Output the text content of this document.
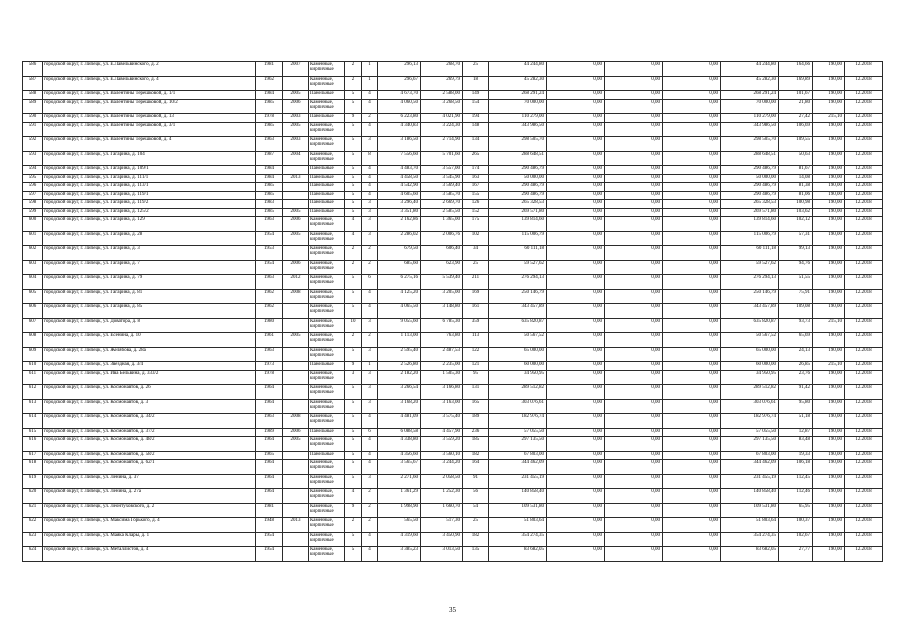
586	городской округ, г. Липецк, ул. Е.Лавельвинского, д. 2	1981	2007	Каменные, кирпичные	2	1	296,13	268,70	25	44 244,80	0,00	0,00	0,00	44 244,80	164,66	190,00	12.2018
587	городской округ, г. Липецк, ул. Е.Лавельвинского, д. 4	1962		Каменные, кирпичные	2	1	296,67	269,79	18	45 282,30	0,00	0,00	0,00	45 282,30	169,89	190,00	12.2018
588	городской округ, г. Липецк, ул. Валентины Терешковой, д. 1/1	1984	2005	Панельные	5	4	4 673,70	2 588,00	149	268 291,24	0,00	0,00	0,00	268 291,24	101,67	190,00	12.2018
589	городской округ, г. Липецк, ул. Валентины Терешковой, д. 10/2	1985	2006	Каменные, кирпичные	5	4	4 060,50	3 268,50	154	70 000,00	0,00	0,00	0,00	70 000,00	21,80	190,00	12.2018
590	городской округ, г. Липецк, ул. Валентины Терешковой, д. 13	1978	2003	Панельные	9	2	6 223,80	4 021,90	194	110 279,00	0,00	0,00	0,00	110 279,00	27,42	215,10	12.2018
591	городской округ, г. Липецк, ул. Валентины Терешковой, д. 3/1	1985	2005	Каменные, кирпичные	5	4	4 340,83	3 224,30	148	343 986,50	0,00	0,00	0,00	343 986,50	106,69	190,00	12.2018
592	городской округ, г. Липецк, ул. Валентины Терешковой, д. 4	1963	2003	Каменные, кирпичные	5	3	3 186,50	2 714,90	134	298 505,70	0,00	0,00	0,00	298 505,70	109,55	190,00	12.2018
593	городской округ, г. Липецк, ул. Гагарина, д. 104	1987	2004	Каменные, кирпичные	5	8	7 556,60	5 701,60	265	288 648,51	0,00	0,00	0,00	288 648,51	50,63	190,00	12.2018
594	городской округ, г. Липецк, ул. Гагарина, д. 109/1	1984		Панельные	5	4	4 483,70	3 557,00	174	290 486,79	0,00	0,00	0,00	290 486,79	81,67	190,00	12.2018
595	городской округ, г. Липецк, ул. Гагарина, д. 111/1	1984	2013	Панельные	5	4	4 458,50	3 545,90	163	50 000,00	0,00	0,00	0,00	50 000,00	14,08	190,00	12.2018
596	городской округ, г. Липецк, ул. Гагарина, д. 113/1	1985		Панельные	5	4	4 542,90	3 569,40	167	290 486,79	0,00	0,00	0,00	290 486,79	81,38	190,00	12.2018
597	городской округ, г. Липецк, ул. Гагарина, д. 119/1	1985		Панельные	5	4	4 605,60	3 585,70	155	290 486,79	0,00	0,00	0,00	290 486,79	81,06	190,00	12.2018
598	городской округ, г. Липецк, ул. Гагарина, д. 119/2	1983		Панельные	5	3	3 296,40	2 669,70	126	265 328,53	0,00	0,00	0,00	265 328,53	100,98	190,00	12.2018
599	городской округ, г. Липецк, ул. Гагарина, д. 125/2	1985	2005	Панельные	5	3	3 351,80	2 585,50	152	269 571,80	0,00	0,00	0,00	269 571,80	103,62	190,00	12.2018
600	городской округ, г. Липецк, ул. Гагарина, д. 129	1963	2006	Каменные, кирпичные	4	3	2 162,86	1 365,00	175	139 814,60	0,00	0,00	0,00	139 814,60	102,12	190,00	12.2018
601	городской округ, г. Липецк, ул. Гагарина, д. 28	1954	2005	Каменные, кирпичные	4	3	2 286,02	2 006,76	102	115 006,79	0,00	0,00	0,00	115 006,79	57,31	190,00	12.2018
602	городской округ, г. Липецк, ул. Гагарина, д. 3	1953		Каменные, кирпичные	2	2	679,50	606,40	34	60 111,18	0,00	0,00	0,00	60 111,18	99,13	190,00	12.2018
603	городской округ, г. Липецк, ул. Гагарина, д. 7	1954	2006	Каменные, кирпичные	2	2	685,60	623,90	25	59 527,62	0,00	0,00	0,00	59 527,62	94,76	190,00	12.2018
604	городской округ, г. Липецк, ул. Гагарина, д. 79	1963	2012	Каменные, кирпичные	5	6	6 275,16	5 539,40	211	276 294,13	0,00	0,00	0,00	276 294,13	51,55	190,00	12.2018
605	городской округ, г. Липецк, ул. Гагарина, д. 81	1962	2008	Каменные, кирпичные	5	4	4 125,20	3 205,00	169	250 146,79	0,00	0,00	0,00	250 146,79	75,91	190,00	12.2018
606	городской округ, г. Липецк, ул. Гагарина, д. 85	1962		Каменные, кирпичные	5	4	4 065,50	3 148,80	161	343 457,89	0,00	0,00	0,00	343 457,89	109,08	190,00	12.2018
607	городской округ, г. Липецк, ул. Доватора, д. 8	1980		Каменные, кирпичные	10	3	9 055,60	6 785,30	359	635 820,87	0,00	0,00	0,00	635 820,87	93,73	215,10	12.2018
608	городской округ, г. Липецк, ул. Есенина, д. 10	1961	2005	Каменные, кирпичные	2	2	1 113,00	763,80	113	50 567,52	0,00	0,00	0,00	50 567,52	65,69	190,00	12.2018
609	городской округ, г. Липецк, ул. Желябова, д. 28а	1963		Каменные, кирпичные	5	3	2 595,40	2 487,53	122	65 000,00	0,00	0,00	0,00	65 000,00	24,13	190,00	12.2018
610	городской округ, г. Липецк, ул. Звездная, д. 3/4	1973		Панельные	9	1	2 526,80	2 235,00	121	60 000,00	0,00	0,00	0,00	60 000,00	26,85	215,10	12.2018
611	городской округ, г. Липецк, ул. Ива Бельвина, д. 333/2	1978		Каменные, кирпичные	3	3	2 182,20	1 505,30	95	34 950,95	0,00	0,00	0,00	34 950,95	23,76	190,00	12.2018
612	городской округ, г. Липецк, ул. Космонавтов, д. 26	1964		Каменные, кирпичные	5	3	3 266,54	3 166,80	131	289 512,82	0,00	0,00	0,00	289 512,82	91,42	190,00	12.2018
613	городской округ, г. Липецк, ул. Космонавтов, д. 3	1964		Каменные, кирпичные	5	3	3 168,20	3 163,00	165	303 076,61	0,00	0,00	0,00	303 076,61	95,80	190,00	12.2018
614	городской округ, г. Липецк, ул. Космонавтов, д. 34/2	1963	2008	Каменные, кирпичные	5	4	4 481,09	3 575,40	189	182 976,74	0,00	0,00	0,00	182 976,74	51,18	190,00	12.2018
615	городской округ, г. Липецк, ул. Космонавтов, д. 37/2	1989	2006	Панельные	5	6	6 088,58	4 457,90	236	57 055,50	0,00	0,00	0,00	57 055,50	12,87	190,00	12.2018
616	городской округ, г. Липецк, ул. Космонавтов, д. 48/2	1964	2005	Каменные, кирпичные	5	4	4 338,80	3 559,20	185	297 135,50	0,00	0,00	0,00	297 135,50	83,48	190,00	12.2018
617	городской округ, г. Липецк, ул. Космонавтов, д. 58/2	1965		Панельные	5	4	4 356,60	3 560,10	182	67 803,00	0,00	0,00	0,00	67 803,00	19,33	190,00	12.2018
618	городской округ, г. Липецк, ул. Космонавтов, д. 62/1	1964		Каменные, кирпичные	5	4	3 565,67	3 244,20	164	344 462,09	0,00	0,00	0,00	344 462,09	106,18	190,00	12.2018
619	городской округ, г. Липецк, ул. Ленина, д. 37	1964		Каменные, кирпичные	5	3	2 271,60	2 058,50	91	231 455,19	0,00	0,00	0,00	231 455,19	112,45	190,00	12.2018
620	городской округ, г. Липецк, ул. Ленина, д. 27а	1964		Каменные, кирпичные	4	2	1 361,29	1 252,30	56	140 858,40	0,00	0,00	0,00	140 858,40	112,46	190,00	12.2018
621	городской округ, г. Липецк, ул. Леонтуховского, д. 2	1981		Каменные, кирпичные	9	2	1 998,90	1 660,70	54	109 531,80	0,00	0,00	0,00	109 531,80	65,95	190,00	12.2018
622	городской округ, г. Липецк, ул. Максима Горького, д. 4	1948	2013	Каменные, кирпичные	2	2	565,50	517,30	25	51 803,64	0,00	0,00	0,00	51 803,64	100,37	190,00	12.2018
623	городской округ, г. Липецк, ул. Маяка Клары, д. 1	1954		Каменные, кирпичные	5	4	4 319,60	3 450,90	182	354 274,35	0,00	0,00	0,00	354 274,35	102,67	190,00	12.2018
624	городской округ, г. Липецк, ул. Металлистов, д. 4	1954		Каменные, кирпичные	5	4	3 385,23	3 013,50	135	83 682,05	0,00	0,00	0,00	83 682,05	27,77	190,00	12.2018
35
